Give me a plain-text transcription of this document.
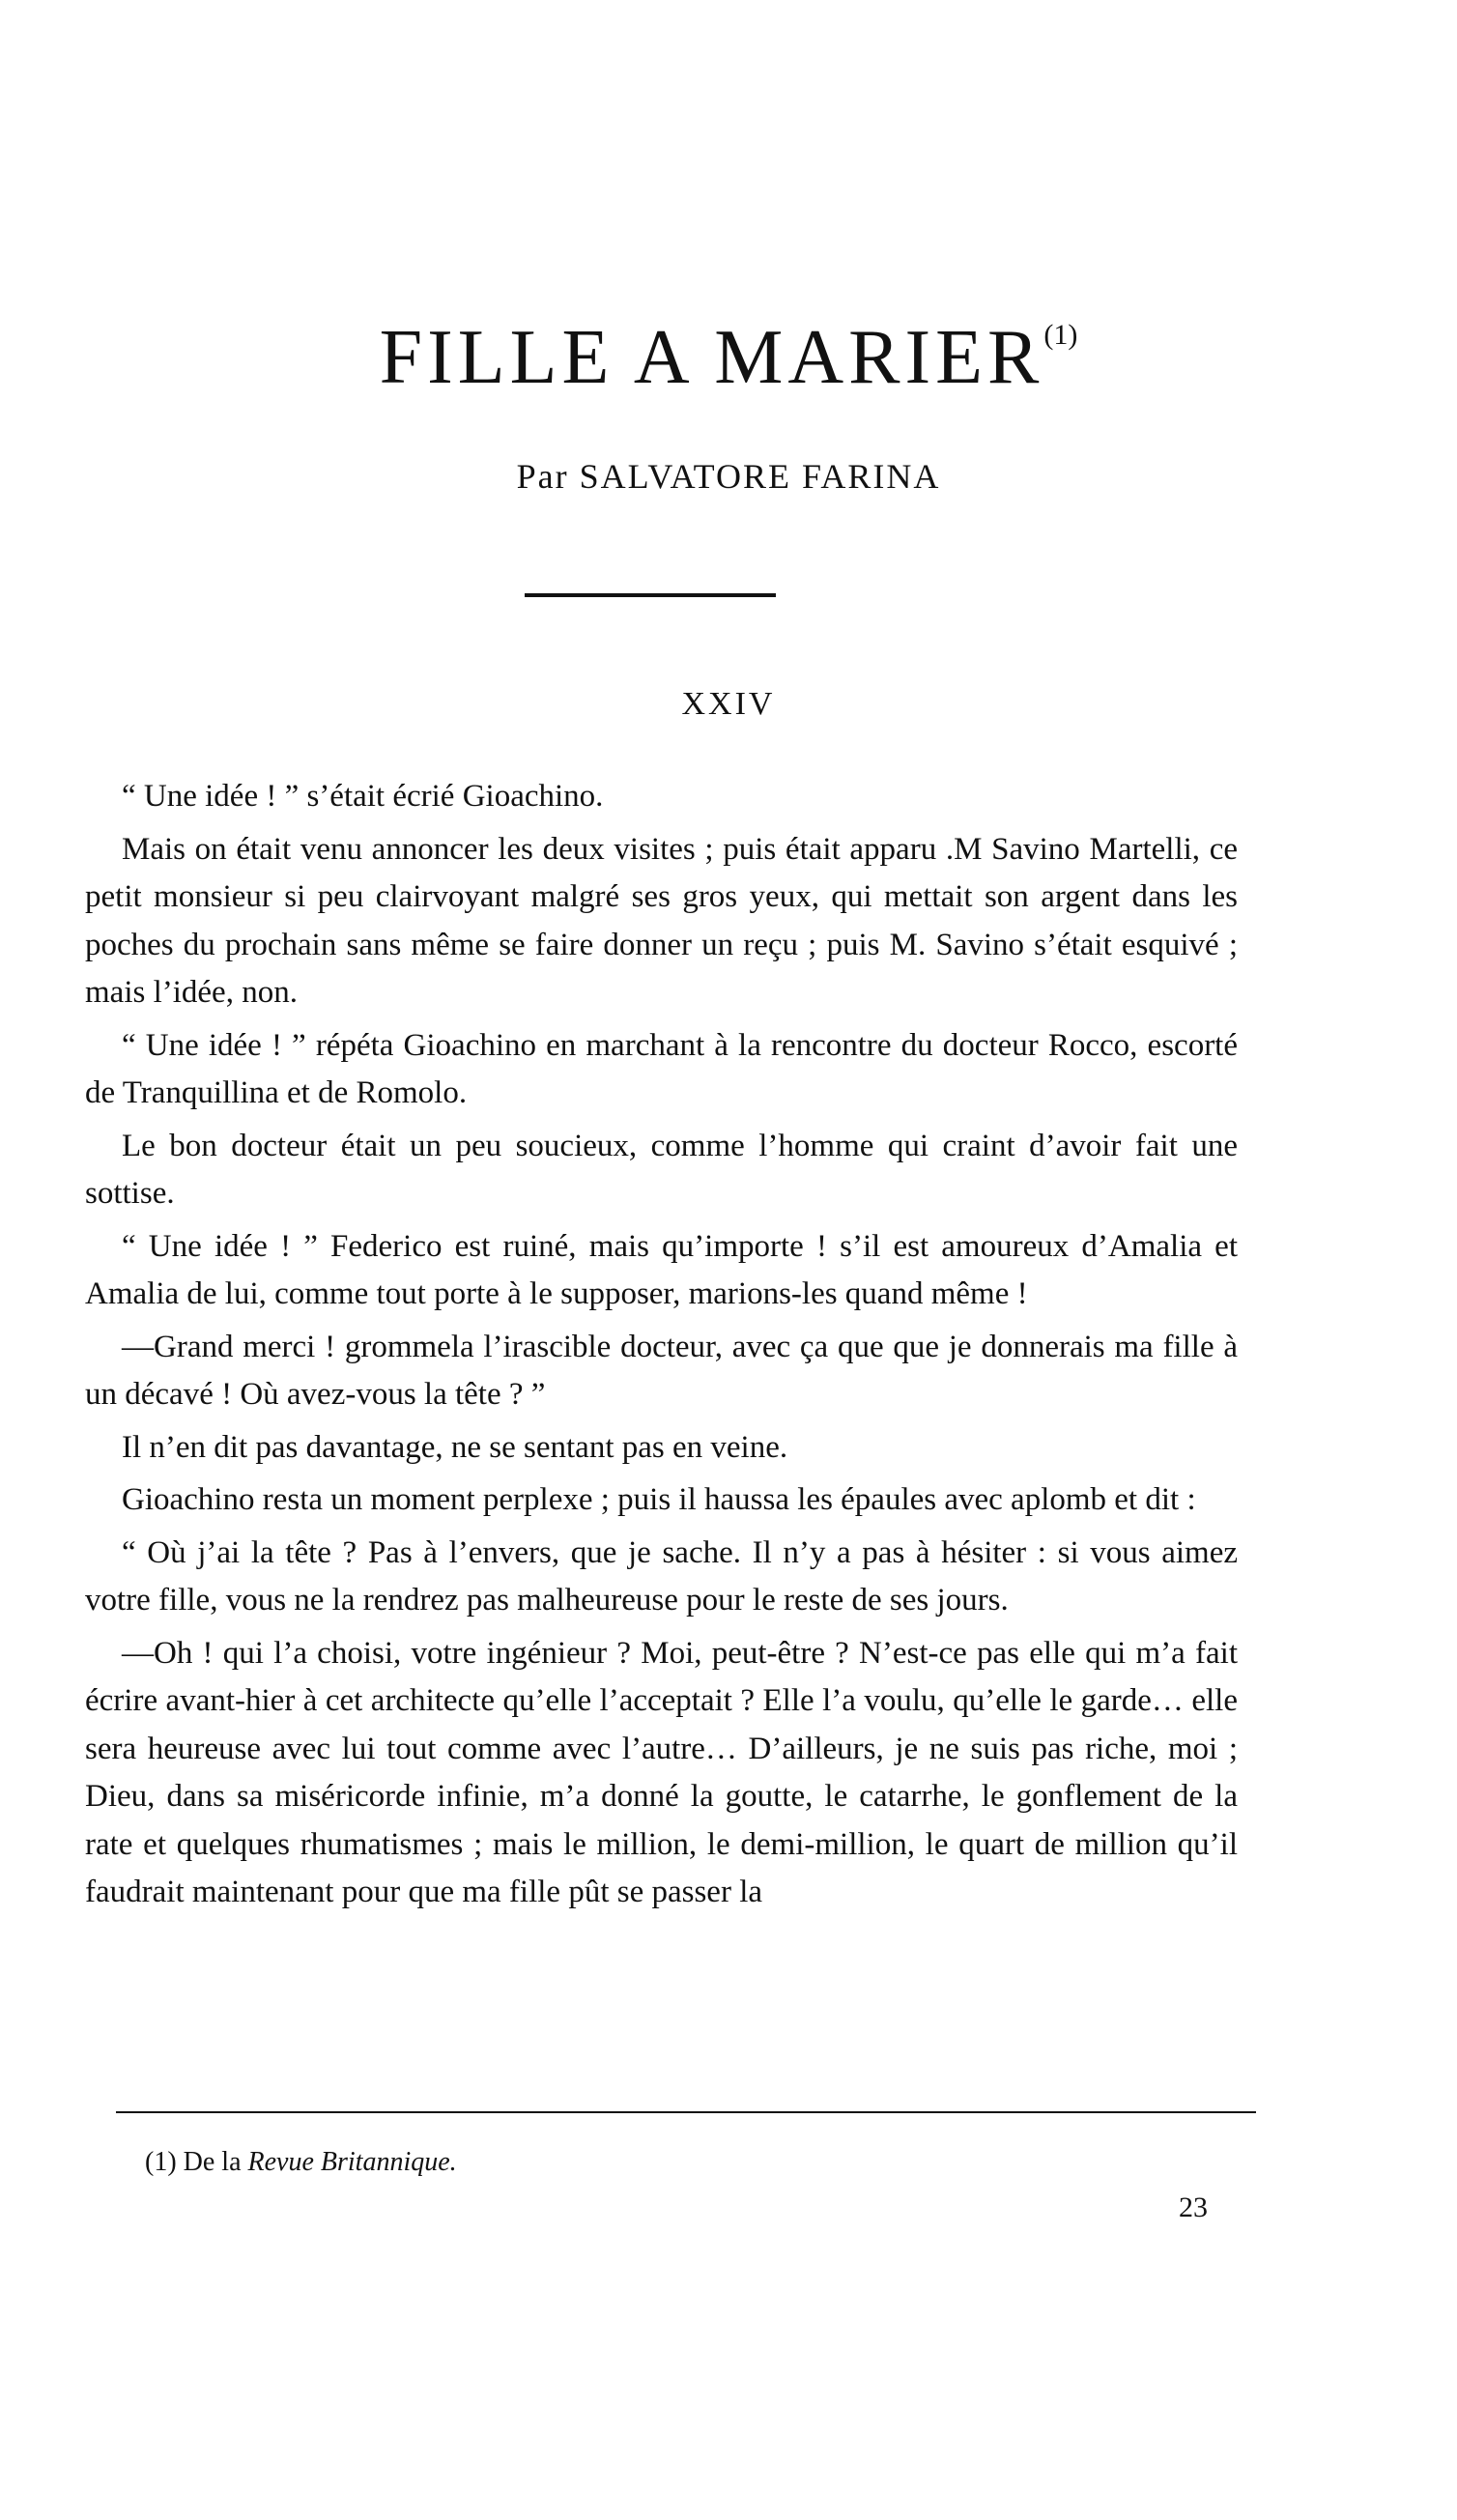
FILLE A MARIER$^{(1)}$
Par SALVATORE FARINA
XXIV

“ Une idée ! ” s’était écrié Gioachino.

Mais on était venu annoncer les deux visites ; puis était apparu .M Savino Martelli, ce petit monsieur si peu clairvoyant malgré ses gros yeux, qui mettait son argent dans les poches du prochain sans même se faire donner un reçu ; puis M. Savino s’était esquivé ; mais l’idée, non.

“ Une idée ! ” répéta Gioachino en marchant à la rencontre du docteur Rocco, escorté de Tranquillina et de Romolo.

Le bon docteur était un peu soucieux, comme l’homme qui craint d’avoir fait une sottise.

“ Une idée ! ” Federico est ruiné, mais qu’importe ! s’il est amoureux d’Amalia et Amalia de lui, comme tout porte à le supposer, marions-les quand même !

—Grand merci ! grommela l’irascible docteur, avec ça que que je donnerais ma fille à un décavé ! Où avez-vous la tête ? ”

Il n’en dit pas davantage, ne se sentant pas en veine.

Gioachino resta un moment perplexe ; puis il haussa les épaules avec aplomb et dit :

“ Où j’ai la tête ? Pas à l’envers, que je sache. Il n’y a pas à hésiter : si vous aimez votre fille, vous ne la rendrez pas malheureuse pour le reste de ses jours.

—Oh ! qui l’a choisi, votre ingénieur ? Moi, peut-être ? N’est-ce pas elle qui m’a fait écrire avant-hier à cet architecte qu’elle l’acceptait ? Elle l’a voulu, qu’elle le garde… elle sera heureuse avec lui tout comme avec l’autre… D’ailleurs, je ne suis pas riche, moi ; Dieu, dans sa miséricorde infinie, m’a donné la goutte, le catarrhe, le gonflement de la rate et quelques rhumatismes ; mais le million, le demi-million, le quart de million qu’il faudrait maintenant pour que ma fille pût se passer la

(1) De la Revue Britannique.
23
